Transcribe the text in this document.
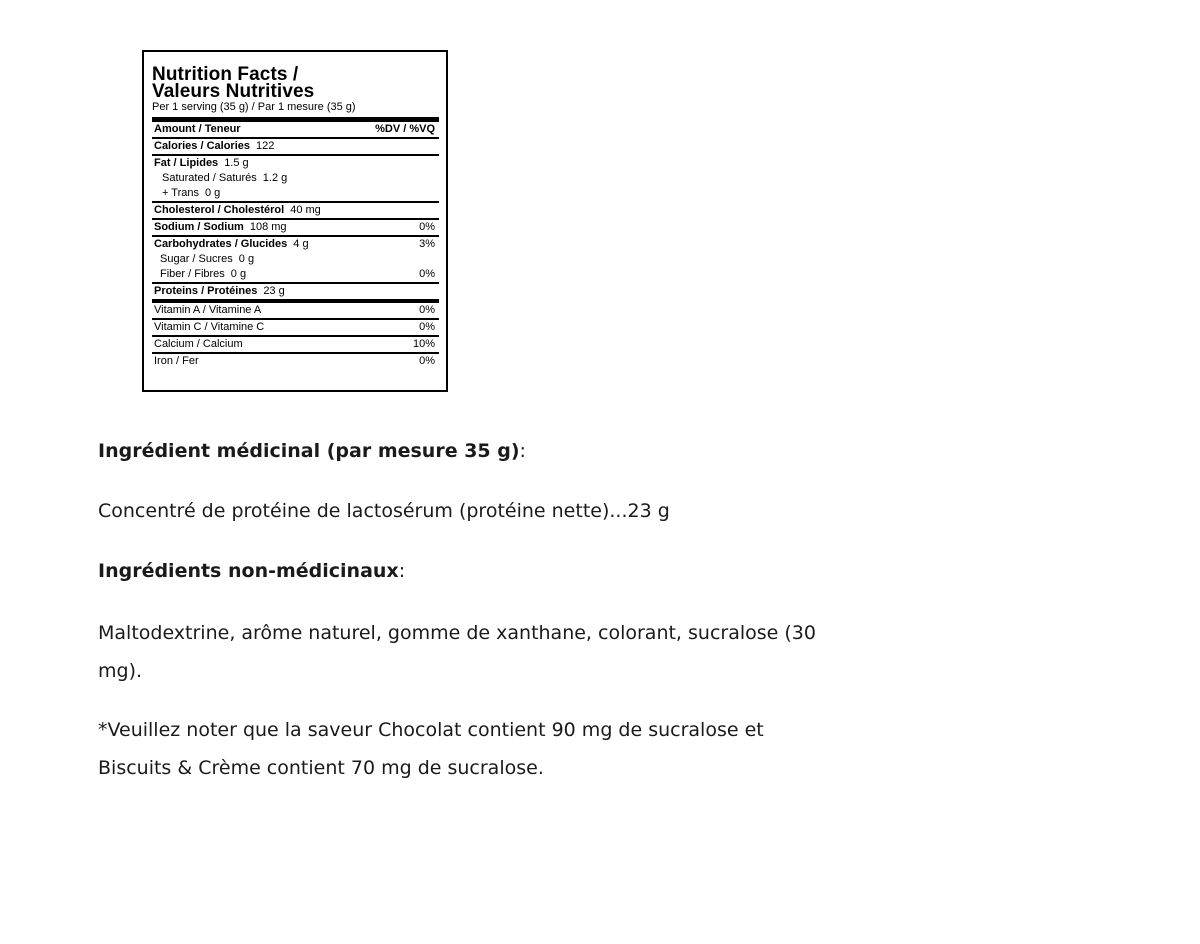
Nutrition Facts /
Valeurs Nutritives
Per 1 serving (35 g) / Par 1 mesure (35 g)
Amount / Teneur	%DV / %VQ
Calories / Calories 122
Fat / Lipides 1.5 g
Saturated / Saturés 1.2 g
+ Trans 0 g
Cholesterol / Cholestérol 40 mg
Sodium / Sodium 108 mg	0%
Carbohydrates / Glucides 4 g	3%
Sugar / Sucres 0 g
Fiber / Fibres 0 g	0%
Proteins / Protéines 23 g
Vitamin A / Vitamine A	0%
Vitamin C / Vitamine C	0%
Calcium / Calcium	10%
Iron / Fer	0%
Ingrédient médicinal (par mesure 35 g):
Concentré de protéine de lactosérum (protéine nette)...23 g
Ingrédients non-médicinaux:
Maltodextrine, arôme naturel, gomme de xanthane, colorant, sucralose (30 mg).
*Veuillez noter que la saveur Chocolat contient 90 mg de sucralose et Biscuits & Crème contient 70 mg de sucralose.
